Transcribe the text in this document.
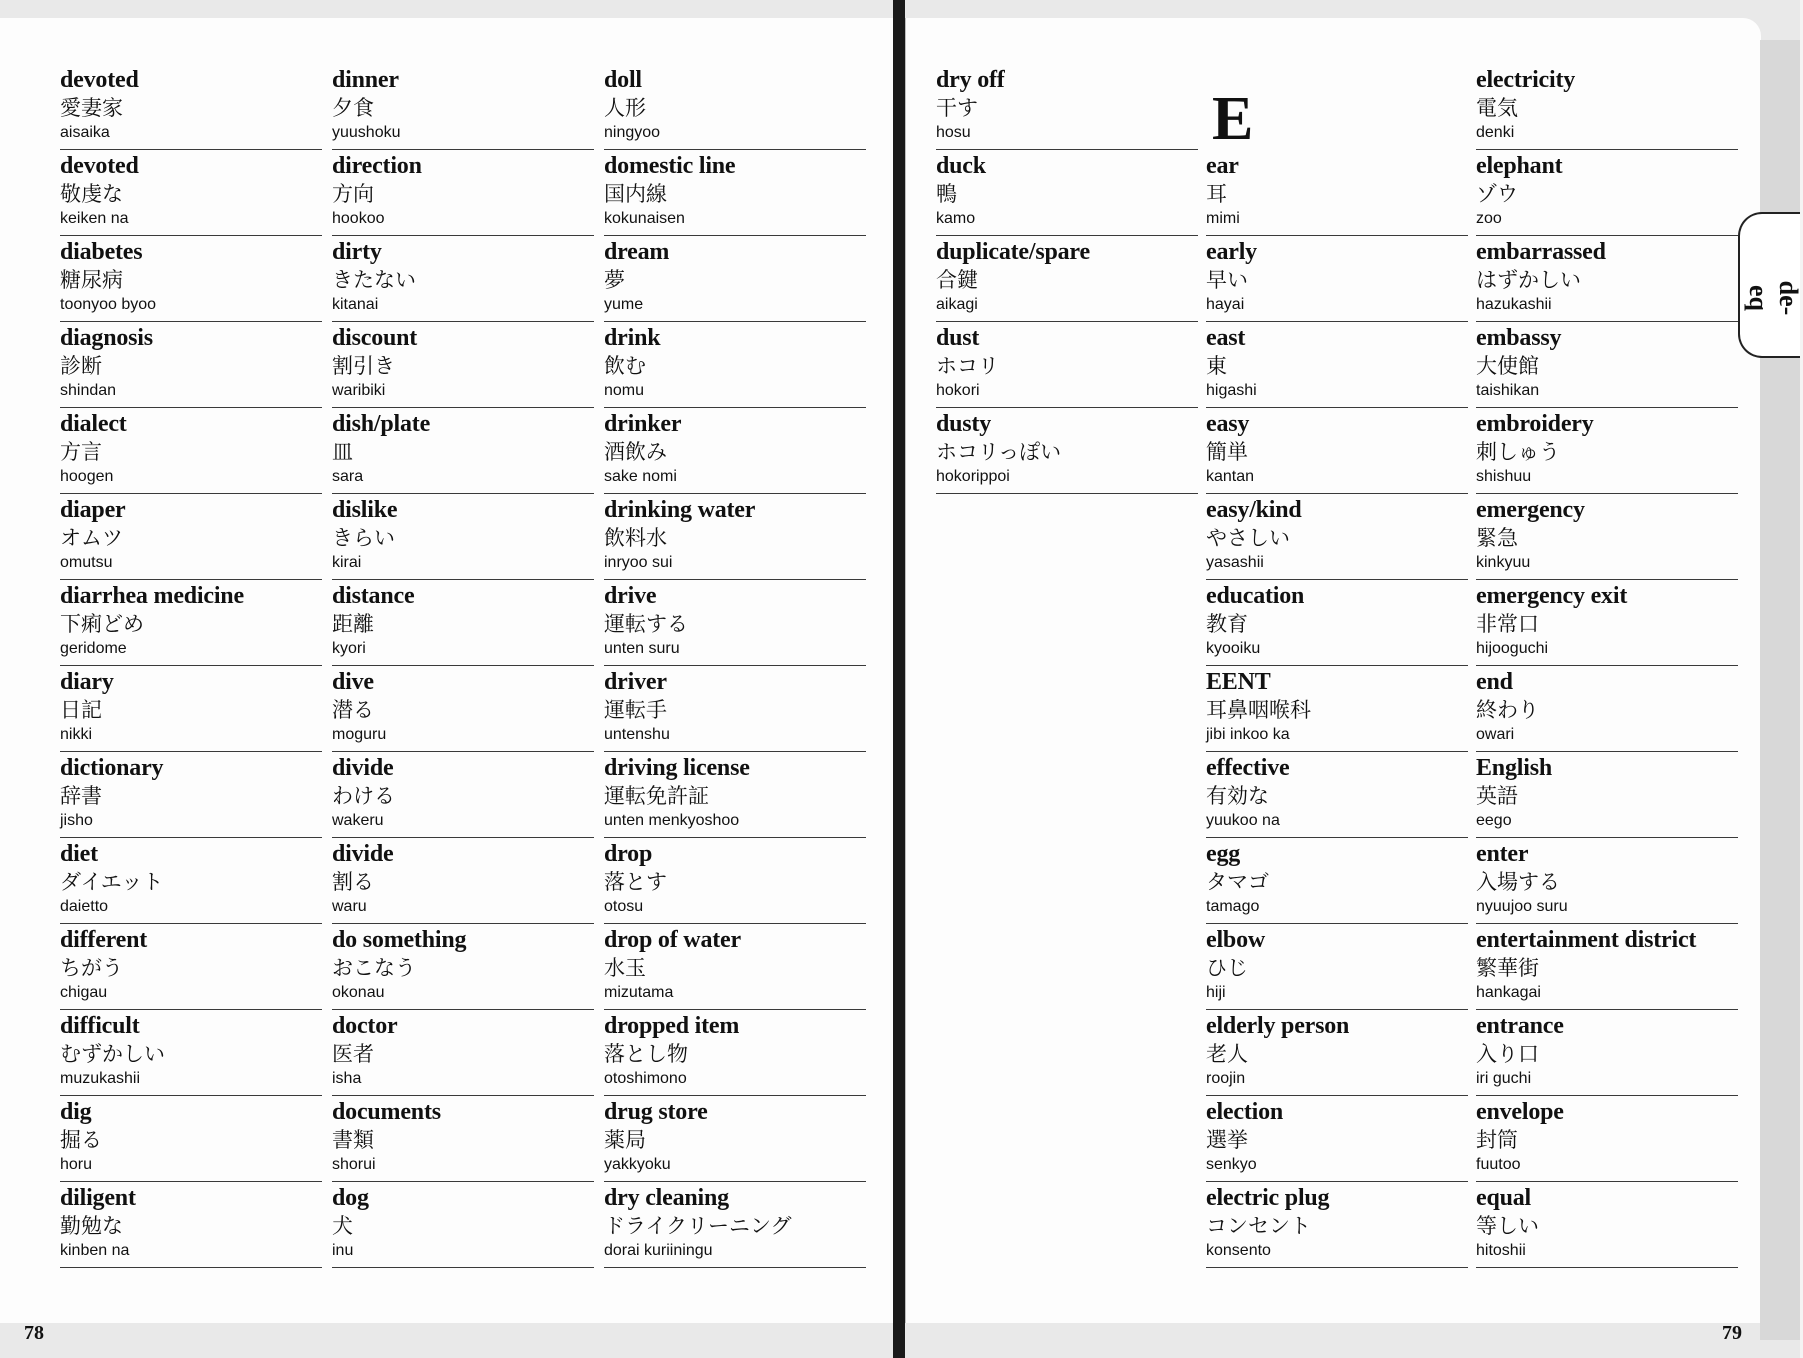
devoted
愛妻家
aisaika
devoted
敬虔な
keiken na
diabetes
糖尿病
toonyoo byoo
diagnosis
診断
shindan
dialect
方言
hoogen
diaper
オムツ
omutsu
diarrhea medicine
下痢どめ
geridome
diary
日記
nikki
dictionary
辞書
jisho
diet
ダイエット
daietto
different
ちがう
chigau
difficult
むずかしい
muzukashii
dig
掘る
horu
diligent
勤勉な
kinben na
dinner
夕食
yuushoku
direction
方向
hookoo
dirty
きたない
kitanai
discount
割引き
waribiki
dish/plate
皿
sara
dislike
きらい
kirai
distance
距離
kyori
dive
潜る
moguru
divide
わける
wakeru
divide
割る
waru
do something
おこなう
okonau
doctor
医者
isha
documents
書類
shorui
dog
犬
inu
doll
人形
ningyoo
domestic line
国内線
kokunaisen
dream
夢
yume
drink
飲む
nomu
drinker
酒飲み
sake nomi
drinking water
飲料水
inryoo sui
drive
運転する
unten suru
driver
運転手
untenshu
driving license
運転免許証
unten menkyoshoo
drop
落とす
otosu
drop of water
水玉
mizutama
dropped item
落とし物
otoshimono
drug store
薬局
yakkyoku
dry cleaning
ドライクリーニング
dorai kuriiningu
dry off
干す
hosu
duck
鴨
kamo
duplicate/spare
合鍵
aikagi
dust
ホコリ
hokori
dusty
ホコリっぽい
hokorippoi
E
ear
耳
mimi
early
早い
hayai
east
東
higashi
easy
簡単
kantan
easy/kind
やさしい
yasashii
education
教育
kyooiku
EENT
耳鼻咽喉科
jibi inkoo ka
effective
有効な
yuukoo na
egg
タマゴ
tamago
elbow
ひじ
hiji
elderly person
老人
roojin
election
選挙
senkyo
electric plug
コンセント
konsento
electricity
電気
denki
elephant
ゾウ
zoo
embarrassed
はずかしい
hazukashii
embassy
大使館
taishikan
embroidery
刺しゅう
shishuu
emergency
緊急
kinkyuu
emergency exit
非常口
hijooguchi
end
終わり
owari
English
英語
eego
enter
入場する
nyuujoo suru
entertainment district
繁華街
hankagai
entrance
入り口
iri guchi
envelope
封筒
fuutoo
equal
等しい
hitoshii
78	79
de-eq
